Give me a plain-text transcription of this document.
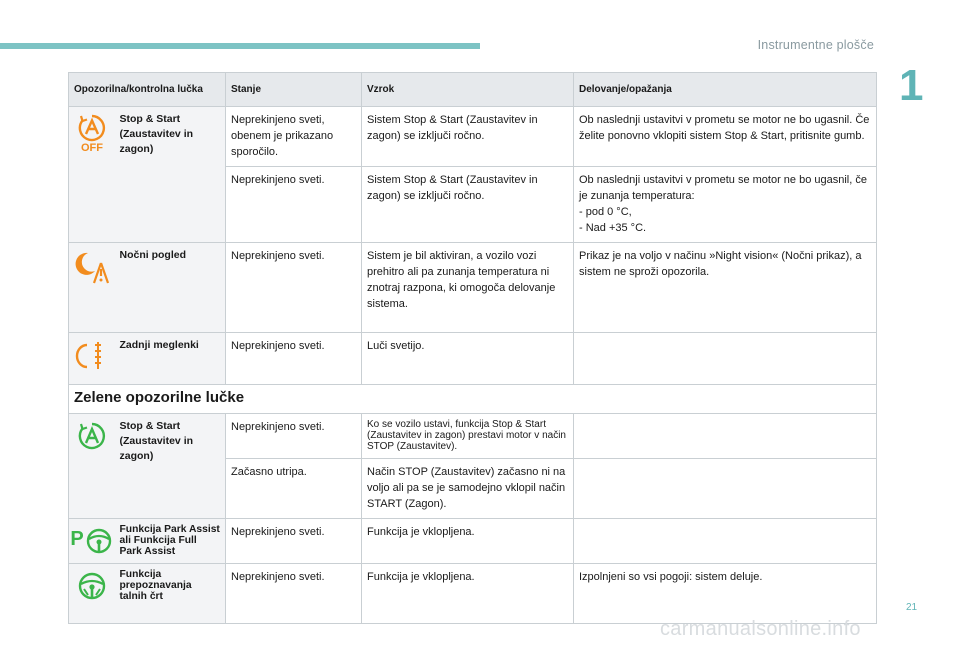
Instrumentne plošče
1
Opozorilna/kontrolna lučka		Stanje	Vzrok	Delovanje/opažanja

OFF	Stop & Start (Zaustavitev in zagon)	Neprekinjeno sveti, obenem je prikazano sporočilo.	Sistem Stop & Start (Zaustavitev in zagon) se izključi ročno.	Ob naslednji ustavitvi v prometu se motor ne bo ugasnil. Če želite ponovno vklopiti sistem Stop & Start, pritisnite gumb.
		Neprekinjeno sveti.	Sistem Stop & Start (Zaustavitev in zagon) se izključi ročno.	Ob naslednji ustavitvi v prometu se motor ne bo ugasnil, če je zunanja temperatura:
- pod 0 °C,
- Nad +35 °C.

	Nočni pogled	Neprekinjeno sveti.	Sistem je bil aktiviran, a vozilo vozi prehitro ali pa zunanja temperatura ni znotraj razpona, ki omogoča delovanje sistema.	Prikaz je na voljo v načinu »Night vision« (Nočni prikaz), a sistem ne sproži opozorila.

	Zadnji meglenki	Neprekinjeno sveti.	Luči svetijo.	
Zelene opozorilne lučke				

	Stop & Start (Zaustavitev in zagon)	Neprekinjeno sveti.	Ko se vozilo ustavi, funkcija Stop & Start (Zaustavitev in zagon) prestavi motor v način STOP (Zaustavitev).	
		Začasno utripa.	Način STOP (Zaustavitev) začasno ni na voljo ali pa se je samodejno vklopil način START (Zagon).	

P	Funkcija Park Assist ali Funkcija Full Park Assist	Neprekinjeno sveti.	Funkcija je vklopljena.	

	Funkcija prepoznavanja talnih črt	Neprekinjeno sveti.	Funkcija je vklopljena.	Izpolnjeni so vsi pogoji: sistem deluje.
21
carmanualsonline.info
